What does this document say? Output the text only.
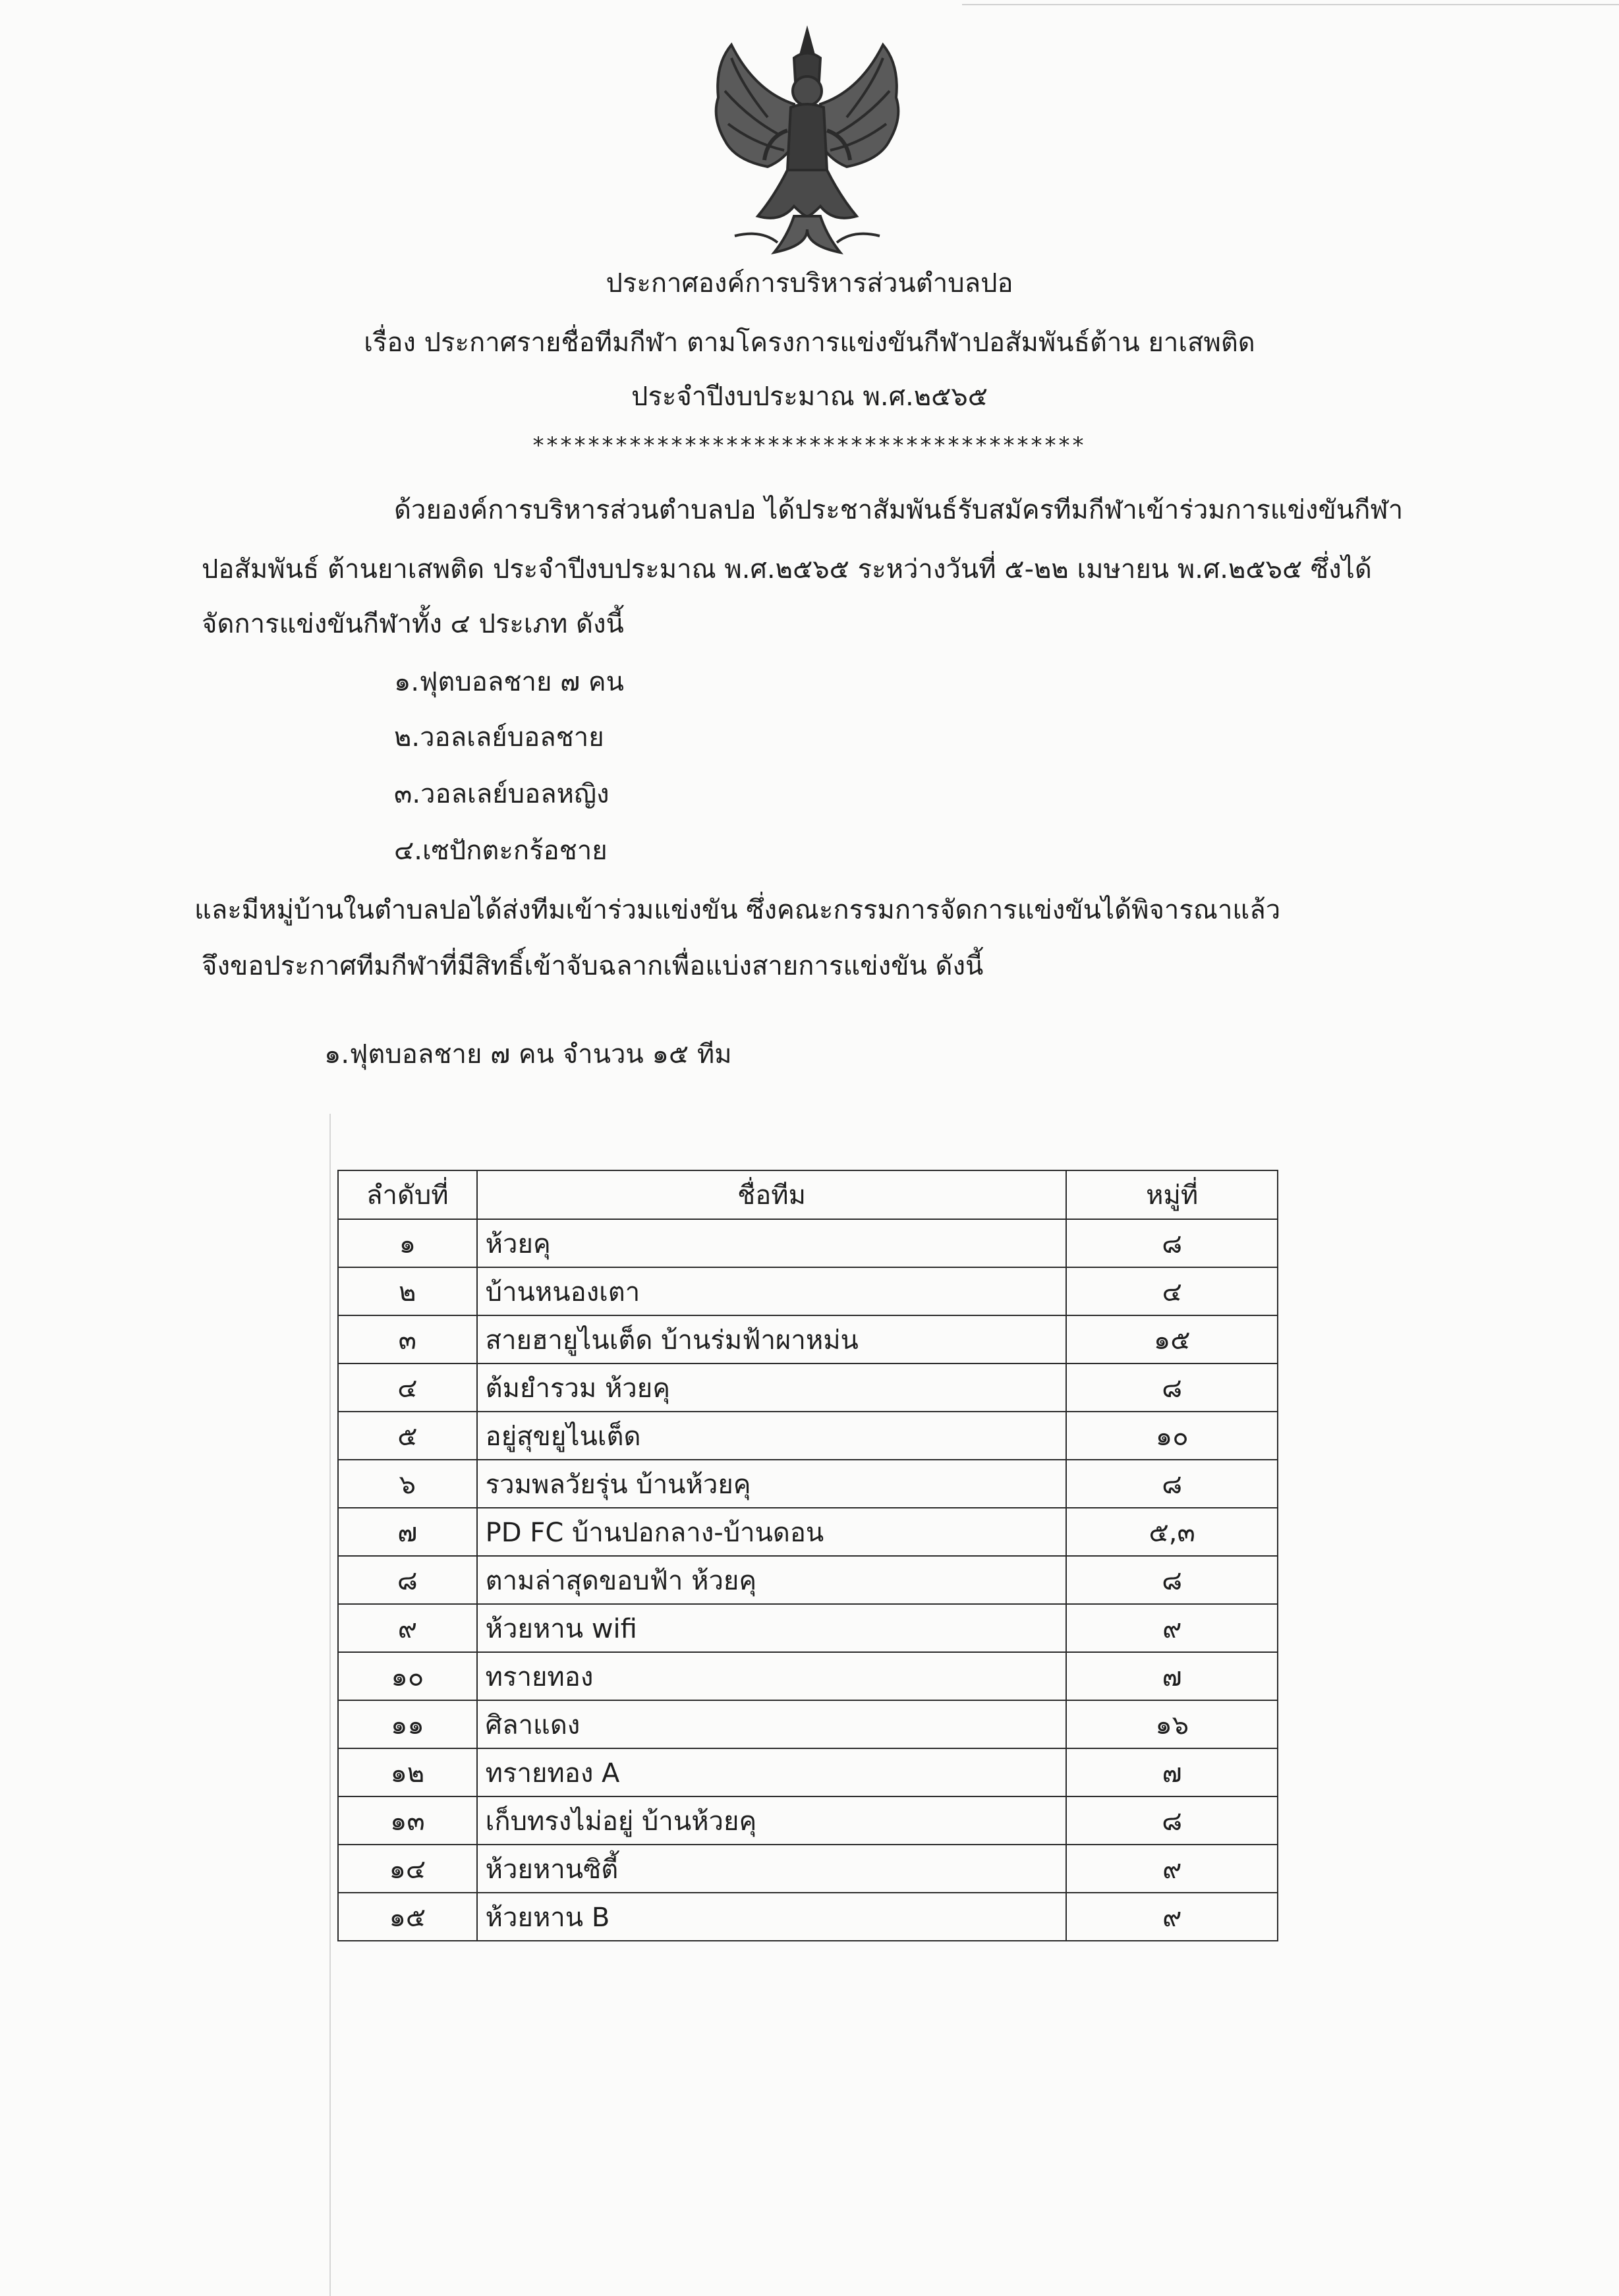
ประกาศองค์การบริหารส่วนตำบลปอ
เรื่อง ประกาศรายชื่อทีมกีฬา ตามโครงการแข่งขันกีฬาปอสัมพันธ์ต้าน ยาเสพติด
ประจำปีงบประมาณ พ.ศ.๒๕๖๕
****************************************
ด้วยองค์การบริหารส่วนตำบลปอ ได้ประชาสัมพันธ์รับสมัครทีมกีฬาเข้าร่วมการแข่งขันกีฬา
ปอสัมพันธ์ ต้านยาเสพติด ประจำปีงบประมาณ พ.ศ.๒๕๖๕ ระหว่างวันที่ ๕-๒๒ เมษายน พ.ศ.๒๕๖๕ ซึ่งได้
จัดการแข่งขันกีฬาทั้ง ๔ ประเภท ดังนี้
๑.ฟุตบอลชาย ๗ คน
๒.วอลเลย์บอลชาย
๓.วอลเลย์บอลหญิง
๔.เซปักตะกร้อชาย
และมีหมู่บ้านในตำบลปอได้ส่งทีมเข้าร่วมแข่งขัน ซึ่งคณะกรรมการจัดการแข่งขันได้พิจารณาแล้ว
จึงขอประกาศทีมกีฬาที่มีสิทธิ์เข้าจับฉลากเพื่อแบ่งสายการแข่งขัน ดังนี้
๑.ฟุตบอลชาย ๗ คน จำนวน ๑๕ ทีม
ลำดับที่	ชื่อทีม	หมู่ที่
๑	ห้วยคุ	๘
๒	บ้านหนองเตา	๔
๓	สายฮายูไนเต็ด บ้านร่มฟ้าผาหม่น	๑๕
๔	ต้มยำรวม ห้วยคุ	๘
๕	อยู่สุขยูไนเต็ด	๑๐
๖	รวมพลวัยรุ่น บ้านห้วยคุ	๘
๗	PD FC บ้านปอกลาง-บ้านดอน	๕,๓
๘	ตามล่าสุดขอบฟ้า ห้วยคุ	๘
๙	ห้วยหาน wifi	๙
๑๐	ทรายทอง	๗
๑๑	ศิลาแดง	๑๖
๑๒	ทรายทอง A	๗
๑๓	เก็บทรงไม่อยู่ บ้านห้วยคุ	๘
๑๔	ห้วยหานซิตี้	๙
๑๕	ห้วยหาน B	๙
